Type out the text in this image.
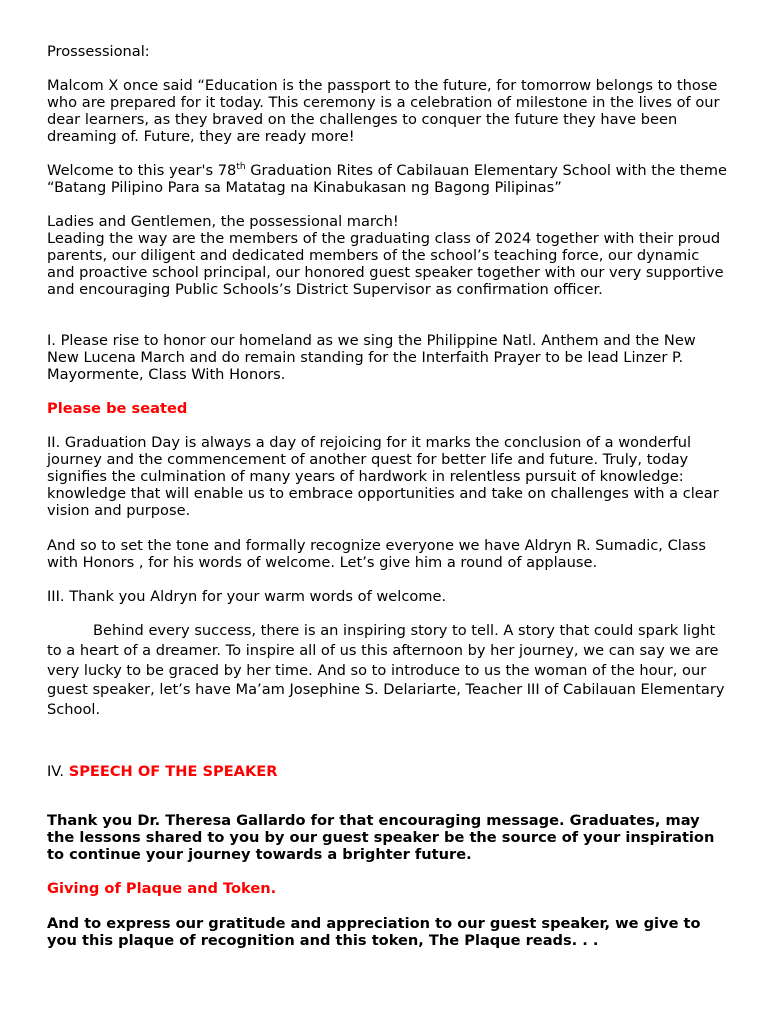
Prossessional:

Malcom X once said “Education is the passport to the future, for tomorrow belongs to those who are prepared for it today. This ceremony is a celebration of milestone in the lives of our dear learners, as they braved on the challenges to conquer the future they have been dreaming of. Future, they are ready more!

Welcome to this year's 78th Graduation Rites of Cabilauan Elementary School with the theme “Batang Pilipino Para sa Matatag na Kinabukasan ng Bagong Pilipinas”

Ladies and Gentlemen, the possessional march!

Leading the way are the members of the graduating class of 2024 together with their proud parents, our diligent and dedicated members of the school’s teaching force, our dynamic and proactive school principal, our honored guest speaker together with our very supportive and encouraging Public Schools’s District Supervisor as confirmation officer.

I. Please rise to honor our homeland as we sing the Philippine Natl. Anthem and the New New Lucena March and do remain standing for the Interfaith Prayer to be lead Linzer P. Mayormente, Class With Honors.

Please be seated

II. Graduation Day is always a day of rejoicing for it marks the conclusion of a wonderful journey and the commencement of another quest for better life and future. Truly, today signifies the culmination of many years of hardwork in relentless pursuit of knowledge: knowledge that will enable us to embrace opportunities and take on challenges with a clear vision and purpose.

And so to set the tone and formally recognize everyone we have Aldryn R. Sumadic, Class with Honors , for his words of welcome. Let’s give him a round of applause.

III. Thank you Aldryn for your warm words of welcome.

Behind every success, there is an inspiring story to tell. A story that could spark light to a heart of a dreamer. To inspire all of us this afternoon by her journey, we can say we are very lucky to be graced by her time. And so to introduce to us the woman of the hour, our guest speaker, let’s have Ma’am Josephine S. Delariarte, Teacher III of Cabilauan Elementary School.

IV. SPEECH OF THE SPEAKER

Thank you Dr. Theresa Gallardo for that encouraging message. Graduates, may the lessons shared to you by our guest speaker be the source of your inspiration to continue your journey towards a brighter future.

Giving of Plaque and Token.

And to express our gratitude and appreciation to our guest speaker, we give to you this plaque of recognition and this token, The Plaque reads. . .
